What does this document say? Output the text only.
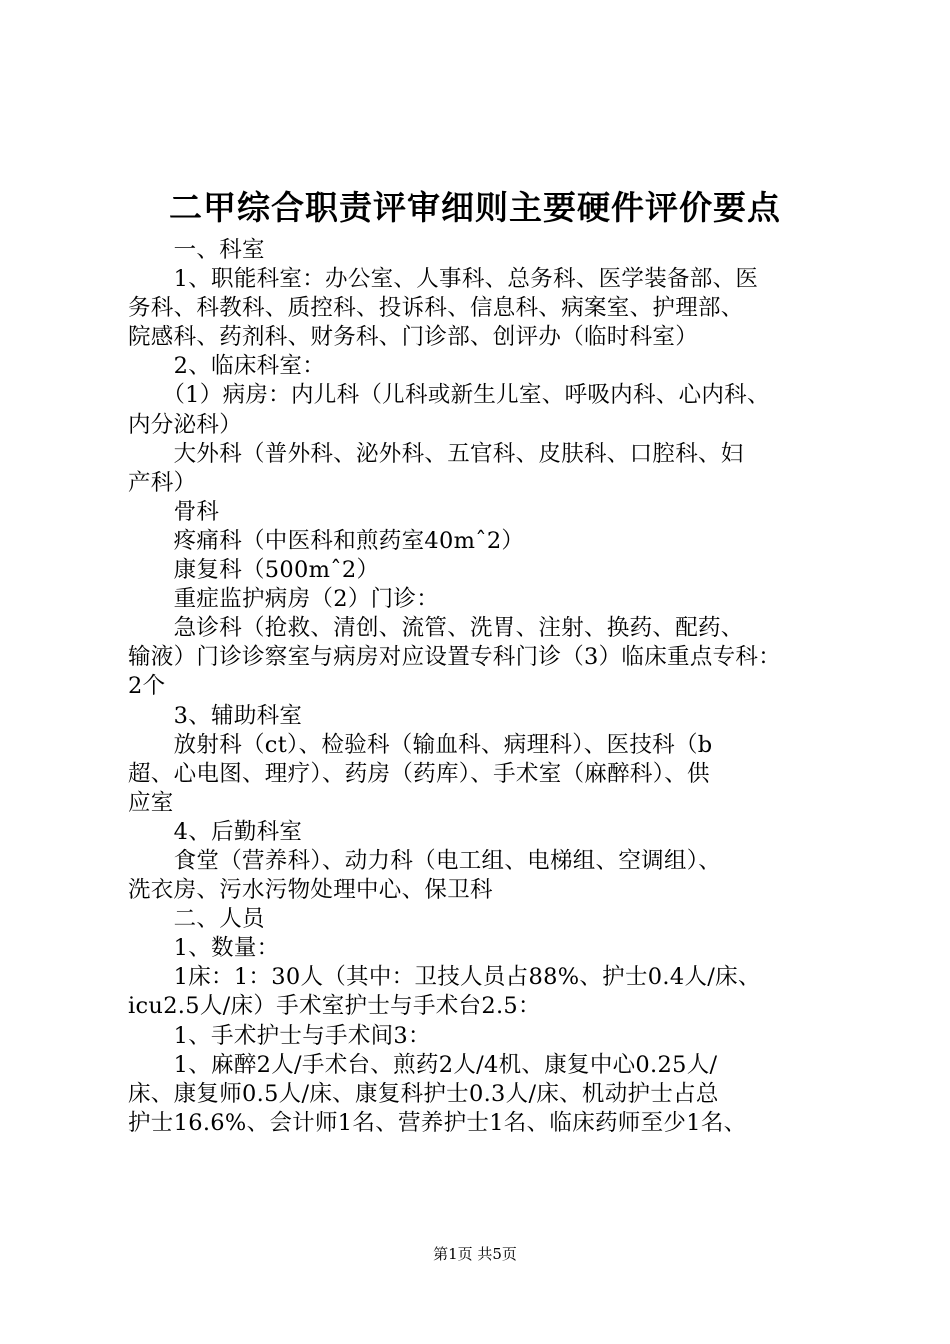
二甲综合职责评审细则主要硬件评价要点
　　一、科室
　　1、职能科室：办公室、人事科、总务科、医学装备部、医
务科、科教科、质控科、投诉科、信息科、病案室、护理部、
院感科、药剂科、财务科、门诊部、创评办（临时科室）
　　2、临床科室：
　　（1）病房：内儿科（儿科或新生儿室、呼吸内科、心内科、
内分泌科）
　　大外科（普外科、泌外科、五官科、皮肤科、口腔科、妇
产科）
　　骨科
　　疼痛科（中医科和煎药室40mˆ2）
　　康复科（500mˆ2）
　　重症监护病房（2）门诊：
　　急诊科（抢救、清创、流管、洗胃、注射、换药、配药、
输液）门诊诊察室与病房对应设置专科门诊（3）临床重点专科：
2个
　　3、辅助科室
　　放射科（ct）、检验科（输血科、病理科）、医技科（b
超、心电图、理疗）、药房（药库）、手术室（麻醉科）、供
应室
　　4、后勤科室
　　食堂（营养科）、动力科（电工组、电梯组、空调组）、
洗衣房、污水污物处理中心、保卫科
　　二、人员
　　1、数量：
　　1床：1：30人（其中：卫技人员占88%、护士0.4人/床、
icu2.5人/床）手术室护士与手术台2.5：
　　1、手术护士与手术间3：
　　1、麻醉2人/手术台、煎药2人/4机、康复中心0.25人/
床、康复师0.5人/床、康复科护士0.3人/床、机动护士占总
护士16.6%、会计师1名、营养护士1名、临床药师至少1名、
第1页 共5页
